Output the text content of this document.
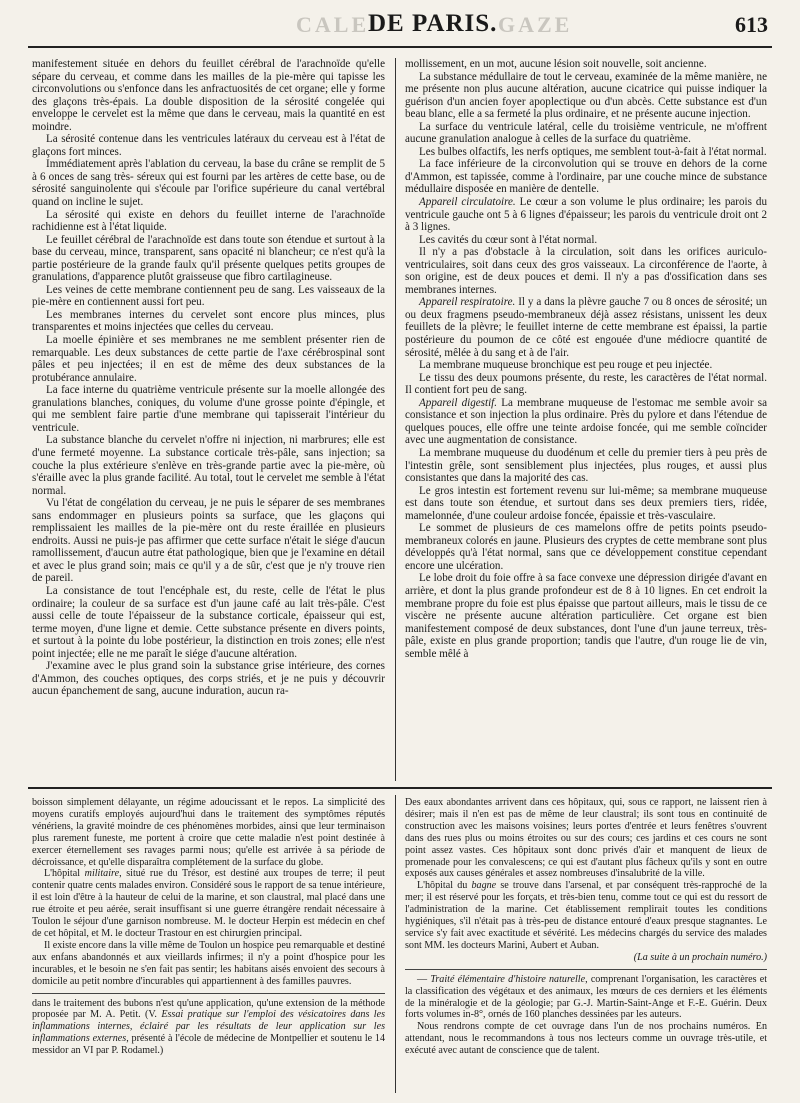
CALE
DE PARIS. GAZE	613

manifestement située en dehors du feuillet cérébral de l'arachnoïde qu'elle sépare du cerveau, et comme dans les mailles de la pie-mère qui tapisse les circonvolutions ou s'enfonce dans les anfractuosités de cet organe; elle y forme des glaçons très-épais. La double disposition de la sérosité congelée qui enveloppe le cervelet est la même que dans le cerveau, mais la quantité en est moindre.

La sérosité contenue dans les ventricules latéraux du cerveau est à l'état de glaçons fort minces.

Immédiatement après l'ablation du cerveau, la base du crâne se remplit de 5 à 6 onces de sang très- séreux qui est fourni par les artères de cette base, ou de sérosité sanguinolente qui s'écoule par l'orifice supérieure du canal vertébral quand on incline le sujet.

La sérosité qui existe en dehors du feuillet interne de l'arachnoïde rachidienne est à l'état liquide.

Le feuillet cérébral de l'arachnoïde est dans toute son étendue et surtout à la base du cerveau, mince, transparent, sans opacité ni blancheur; ce n'est qu'à la partie postérieure de la grande faulx qu'il présente quelques petits groupes de granulations, d'apparence plutôt graisseuse que fibro cartilagineuse.

Les veines de cette membrane contiennent peu de sang. Les vaisseaux de la pie-mère en contiennent aussi fort peu.

Les membranes internes du cervelet sont encore plus minces, plus transparentes et moins injectées que celles du cerveau.

La moelle épinière et ses membranes ne me semblent présenter rien de remarquable. Les deux substances de cette partie de l'axe cérébrospinal sont pâles et peu injectées; il en est de même des deux substances de la protubérance annulaire.

La face interne du quatrième ventricule présente sur la moelle allongée des granulations blanches, coniques, du volume d'une grosse pointe d'épingle, et qui me semblent faire partie d'une membrane qui tapisserait l'intérieur du ventricule.

La substance blanche du cervelet n'offre ni injection, ni marbrures; elle est d'une fermeté moyenne. La substance corticale très-pâle, sans injection; sa couche la plus extérieure s'enlève en très-grande partie avec la pie-mère, où s'éraille avec la plus grande facilité. Au total, tout le cervelet me semble à l'état normal.

Vu l'état de congélation du cerveau, je ne puis le séparer de ses membranes sans endommager en plusieurs points sa surface, que les glaçons qui remplissaient les mailles de la pie-mère ont du reste éraillée en plusieurs endroits. Aussi ne puis-je pas affirmer que cette surface n'était le siége d'aucun ramollissement, d'aucun autre état pathologique, bien que je l'examine en détail et avec le plus grand soin; mais ce qu'il y a de sûr, c'est que je n'y trouve rien de pareil.

La consistance de tout l'encéphale est, du reste, celle de l'état le plus ordinaire; la couleur de sa surface est d'un jaune café au lait très-pâle. C'est aussi celle de toute l'épaisseur de la substance corticale, épaisseur qui est, terme moyen, d'une ligne et demie. Cette substance présente en divers points, et surtout à la pointe du lobe postérieur, la distinction en trois zones; elle n'est point injectée; elle ne me paraît le siége d'aucune altération.

J'examine avec le plus grand soin la substance grise intérieure, des cornes d'Ammon, des couches optiques, des corps striés, et je ne puis y découvrir aucun épanchement de sang, aucune induration, aucun ra-

mollissement, en un mot, aucune lésion soit nouvelle, soit ancienne.

La substance médullaire de tout le cerveau, examinée de la même manière, ne me présente non plus aucune altération, aucune cicatrice qui puisse indiquer la guérison d'un ancien foyer apoplectique ou d'un abcès. Cette substance est d'un beau blanc, elle a sa fermeté la plus ordinaire, et ne présente aucune injection.

La surface du ventricule latéral, celle du troisième ventricule, ne m'offrent aucune granulation analogue à celles de la surface du quatrième.

Les bulbes olfactifs, les nerfs optiques, me semblent tout-à-fait à l'état normal.

La face inférieure de la circonvolution qui se trouve en dehors de la corne d'Ammon, est tapissée, comme à l'ordinaire, par une couche mince de substance médullaire disposée en manière de dentelle.

Appareil circulatoire. Le cœur a son volume le plus ordinaire; les parois du ventricule gauche ont 5 à 6 lignes d'épaisseur; les parois du ventricule droit ont 2 à 3 lignes.

Les cavités du cœur sont à l'état normal.

Il n'y a pas d'obstacle à la circulation, soit dans les orifices auriculo-ventriculaires, soit dans ceux des gros vaisseaux. La circonférence de l'aorte, à son origine, est de deux pouces et demi. Il n'y a pas d'ossification dans ses membranes internes.

Appareil respiratoire. Il y a dans la plèvre gauche 7 ou 8 onces de sérosité; un ou deux fragmens pseudo-membraneux déjà assez résistans, unissent les deux feuillets de la plèvre; le feuillet interne de cette membrane est épaissi, la partie postérieure du poumon de ce côté est engouée d'une médiocre quantité de sérosité, mêlée à du sang et à de l'air.

La membrane muqueuse bronchique est peu rouge et peu injectée.

Le tissu des deux poumons présente, du reste, les caractères de l'état normal. Il contient fort peu de sang.

Appareil digestif. La membrane muqueuse de l'estomac me semble avoir sa consistance et son injection la plus ordinaire. Près du pylore et dans l'étendue de quelques pouces, elle offre une teinte ardoise foncée, qui me semble coïncider avec une augmentation de consistance.

La membrane muqueuse du duodénum et celle du premier tiers à peu près de l'intestin grêle, sont sensiblement plus injectées, plus rouges, et aussi plus consistantes que dans la majorité des cas.

Le gros intestin est fortement revenu sur lui-même; sa membrane muqueuse est dans toute son étendue, et surtout dans ses deux premiers tiers, ridée, mamelonnée, d'une couleur ardoise foncée, épaissie et très-vasculaire.

Le sommet de plusieurs de ces mamelons offre de petits points pseudo-membraneux colorés en jaune. Plusieurs des cryptes de cette membrane sont plus développés qu'à l'état normal, sans que ce développement constitue cependant encore une ulcération.

Le lobe droit du foie offre à sa face convexe une dépression dirigée d'avant en arrière, et dont la plus grande profondeur est de 8 à 10 lignes. En cet endroit la membrane propre du foie est plus épaisse que partout ailleurs, mais le tissu de ce viscère ne présente aucune altération particulière. Cet organe est bien manifestement composé de deux substances, dont l'une d'un jaune terreux, très-pâle, existe en plus grande proportion; tandis que l'autre, d'un rouge lie de vin, semble mêlé à

boisson simplement délayante, un régime adoucissant et le repos. La simplicité des moyens curatifs employés aujourd'hui dans le traitement des symptômes réputés vénériens, la gravité moindre de ces phénomènes morbides, ainsi que leur terminaison plus rarement funeste, me portent à croire que cette maladie n'est point destinée à exercer éternellement ses ravages parmi nous; qu'elle est arrivée à sa période de décroissance, et qu'elle disparaîtra complétement de la surface du globe.

L'hôpital militaire, situé rue du Trésor, est destiné aux troupes de terre; il peut contenir quatre cents malades environ. Considéré sous le rapport de sa tenue intérieure, il est loin d'être à la hauteur de celui de la marine, et son claustral, mal placé dans une rue étroite et peu aérée, serait insuffisant si une guerre étrangère rendait nécessaire à Toulon le séjour d'une garnison nombreuse. M. le docteur Herpin est médecin en chef de cet hôpital, et M. le docteur Trastour en est chirurgien principal.

Il existe encore dans la ville même de Toulon un hospice peu remarquable et destiné aux enfans abandonnés et aux vieillards infirmes; il n'y a point d'hospice pour les incurables, et le besoin ne s'en fait pas sentir; les habitans aisés envoient des secours à domicile au petit nombre d'incurables qui appartiennent à des familles pauvres.

dans le traitement des bubons n'est qu'une application, qu'une extension de la méthode proposée par M. A. Petit. (V. Essai pratique sur l'emploi des vésicatoires dans les inflammations internes, éclairé par les résultats de leur application sur les inflammations externes, présenté à l'école de médecine de Montpellier et soutenu le 14 messidor an VI par P. Rodamel.)

Des eaux abondantes arrivent dans ces hôpitaux, qui, sous ce rapport, ne laissent rien à désirer; mais il n'en est pas de même de leur claustral; ils sont tous en continuité de construction avec les maisons voisines; leurs portes d'entrée et leurs fenêtres s'ouvrent dans des rues plus ou moins étroites ou sur des cours; ces jardins et ces cours ne sont point assez vastes. Ces hôpitaux sont donc privés d'air et manquent de lieux de promenade pour les convalescens; ce qui est d'autant plus fâcheux qu'ils y sont en outre exposés aux causes générales et assez nombreuses d'insalubrité de la ville.

L'hôpital du bagne se trouve dans l'arsenal, et par conséquent très-rapproché de la mer; il est réservé pour les forçats, et très-bien tenu, comme tout ce qui est du ressort de l'administration de la marine. Cet établissement remplirait toutes les conditions hygiéniques, s'il n'était pas à très-peu de distance entouré d'eaux presque stagnantes. Le service s'y fait avec exactitude et sévérité. Les médecins chargés du service des malades sont MM. les docteurs Marini, Aubert et Auban.

(La suite à un prochain numéro.)

— Traité élémentaire d'histoire naturelle, comprenant l'organisation, les caractères et la classification des végétaux et des animaux, les mœurs de ces derniers et les éléments de la minéralogie et de la géologie; par G.-J. Martin-Saint-Ange et F.-E. Guérin. Deux forts volumes in-8°, ornés de 160 planches dessinées par les auteurs.

Nous rendrons compte de cet ouvrage dans l'un de nos prochains numéros. En attendant, nous le recommandons à tous nos lecteurs comme un ouvrage très-utile, et exécuté avec autant de conscience que de talent.
